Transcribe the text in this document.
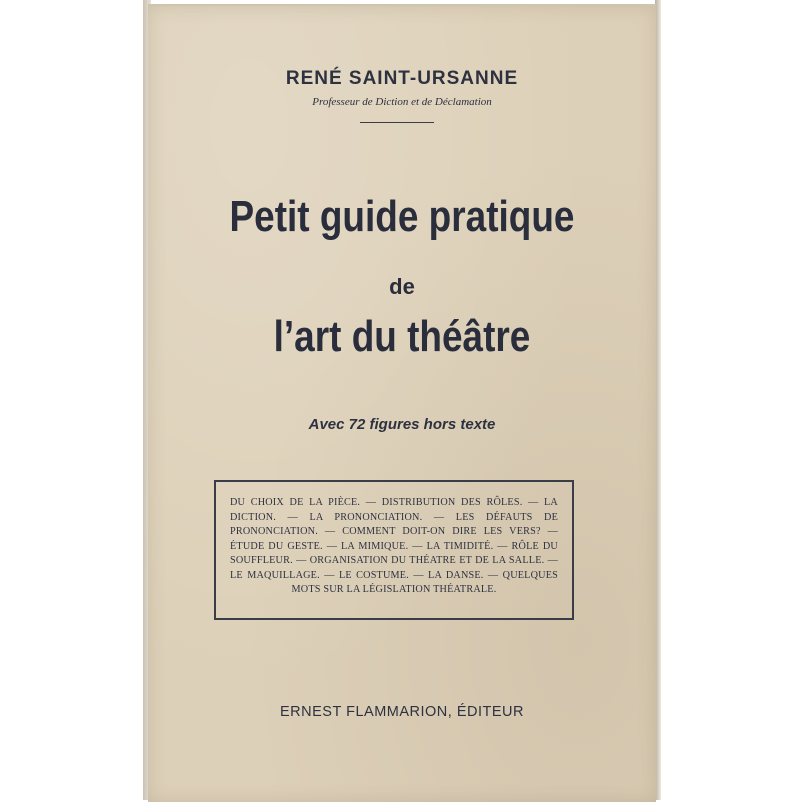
RENÉ SAINT-URSANNE
Professeur de Diction et de Déclamation
Petit guide pratique
de
l’art du théâtre
Avec 72 figures hors texte
DU CHOIX DE LA PIÈCE. — DISTRIBUTION DES RÔLES. — LA DICTION. — LA PRONONCIATION. — LES DÉFAUTS DE PRONONCIATION. — COMMENT DOIT-ON DIRE LES VERS? — ÉTUDE DU GESTE. — LA MIMIQUE. — LA TIMIDITÉ. — RÔLE DU SOUFFLEUR. — ORGANISATION DU THÉATRE ET DE LA SALLE. — LE MAQUILLAGE. — LE COSTUME. — LA DANSE. — QUELQUES MOTS SUR LA LÉGISLATION THÉATRALE.
ERNEST FLAMMARION, ÉDITEUR
